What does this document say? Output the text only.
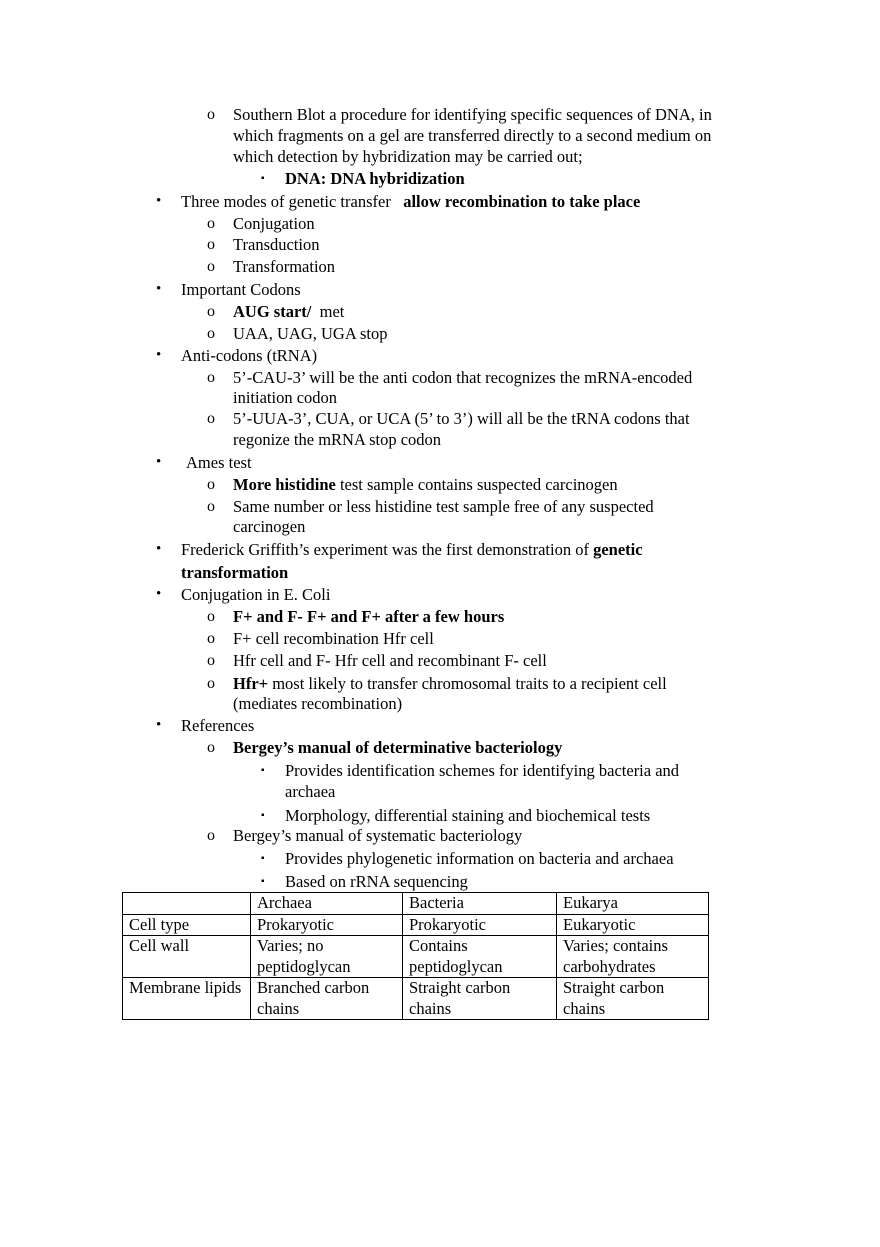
o Southern Blot a procedure for identifying specific sequences of DNA, in
which fragments on a gel are transferred directly to a second medium on
which detection by hybridization may be carried out;
▪ DNA: DNA hybridization
• Three modes of genetic transfer allow recombination to take place
o Conjugation
o Transduction
o Transformation
• Important Codons
o AUG start/ met
o UAA, UAG, UGA stop
• Anti-codons (tRNA)
o 5’-CAU-3’ will be the anti codon that recognizes the mRNA-encoded
initiation codon
o 5’-UUA-3’, CUA, or UCA (5’ to 3’) will all be the tRNA codons that
regonize the mRNA stop codon
• Ames test
o More histidine test sample contains suspected carcinogen
o Same number or less histidine test sample free of any suspected
carcinogen
• Frederick Griffith’s experiment was the first demonstration of genetic
transformation
• Conjugation in E. Coli
o F+ and F- F+ and F+ after a few hours
o F+ cell recombination Hfr cell
o Hfr cell and F- Hfr cell and recombinant F- cell
o Hfr+ most likely to transfer chromosomal traits to a recipient cell
(mediates recombination)
• References
o Bergey’s manual of determinative bacteriology
▪ Provides identification schemes for identifying bacteria and
archaea
▪ Morphology, differential staining and biochemical tests
o Bergey’s manual of systematic bacteriology
▪ Provides phylogenetic information on bacteria and archaea
▪ Based on rRNA sequencing
	Archaea	Bacteria	Eukarya
Cell type	Prokaryotic	Prokaryotic	Eukaryotic
Cell wall	Varies; no peptidoglycan	Contains peptidoglycan	Varies; contains carbohydrates
Membrane lipids	Branched carbon chains	Straight carbon chains	Straight carbon chains
